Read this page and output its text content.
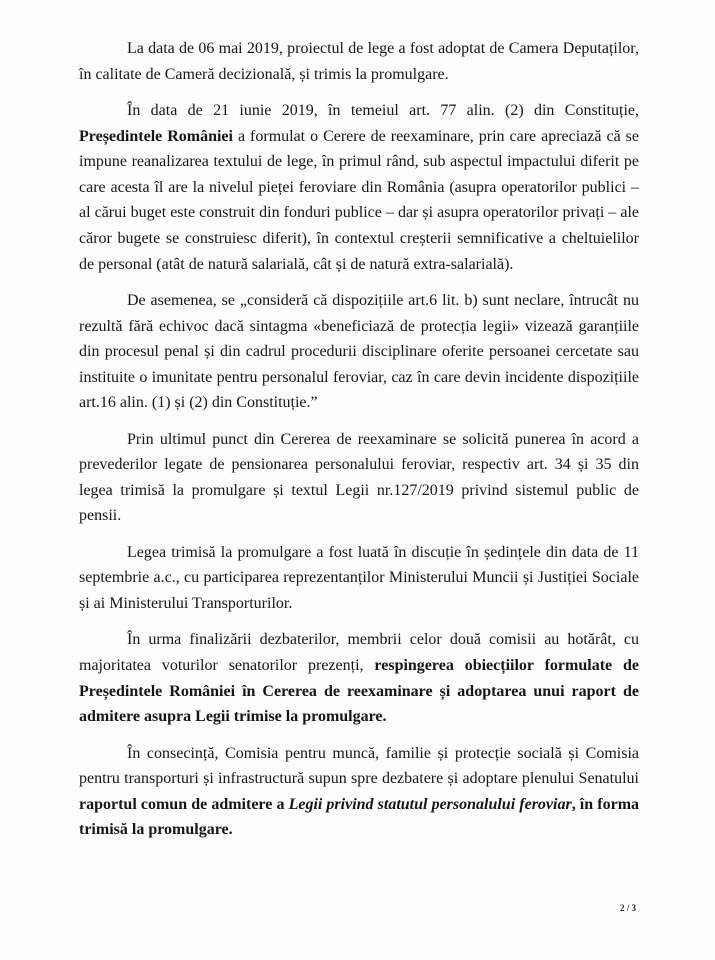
La data de 06 mai 2019, proiectul de lege a fost adoptat de Camera Deputaților, în calitate de Cameră decizională, și trimis la promulgare.

În data de 21 iunie 2019, în temeiul art. 77 alin. (2) din Constituție, Președintele României a formulat o Cerere de reexaminare, prin care apreciază că se impune reanalizarea textului de lege, în primul rând, sub aspectul impactului diferit pe care acesta îl are la nivelul pieței feroviare din România (asupra operatorilor publici – al cărui buget este construit din fonduri publice – dar și asupra operatorilor privați – ale căror bugete se construiesc diferit), în contextul creșterii semnificative a cheltuielilor de personal (atât de natură salarială, cât și de natură extra-salarială).

De asemenea, se „consideră că dispozițiile art.6 lit. b) sunt neclare, întrucât nu rezultă fără echivoc dacă sintagma «beneficiază de protecția legii» vizează garanțiile din procesul penal și din cadrul procedurii disciplinare oferite persoanei cercetate sau instituite o imunitate pentru personalul feroviar, caz în care devin incidente dispozițiile art.16 alin. (1) și (2) din Constituție.”

Prin ultimul punct din Cererea de reexaminare se solicită punerea în acord a prevederilor legate de pensionarea personalului feroviar, respectiv art. 34 și 35 din legea trimisă la promulgare și textul Legii nr.127/2019 privind sistemul public de pensii.

Legea trimisă la promulgare a fost luată în discuție în ședințele din data de 11 septembrie a.c., cu participarea reprezentanților Ministerului Muncii și Justiției Sociale și ai Ministerului Transporturilor.

În urma finalizării dezbaterilor, membrii celor două comisii au hotărât, cu majoritatea voturilor senatorilor prezenți, respingerea obiecțiilor formulate de Președintele României în Cererea de reexaminare și adoptarea unui raport de admitere asupra Legii trimise la promulgare.

În consecință, Comisia pentru muncă, familie și protecție socială și Comisia pentru transporturi și infrastructură supun spre dezbatere și adoptare plenului Senatului raportul comun de admitere a Legii privind statutul personalului feroviar, în forma trimisă la promulgare.

2 / 3
